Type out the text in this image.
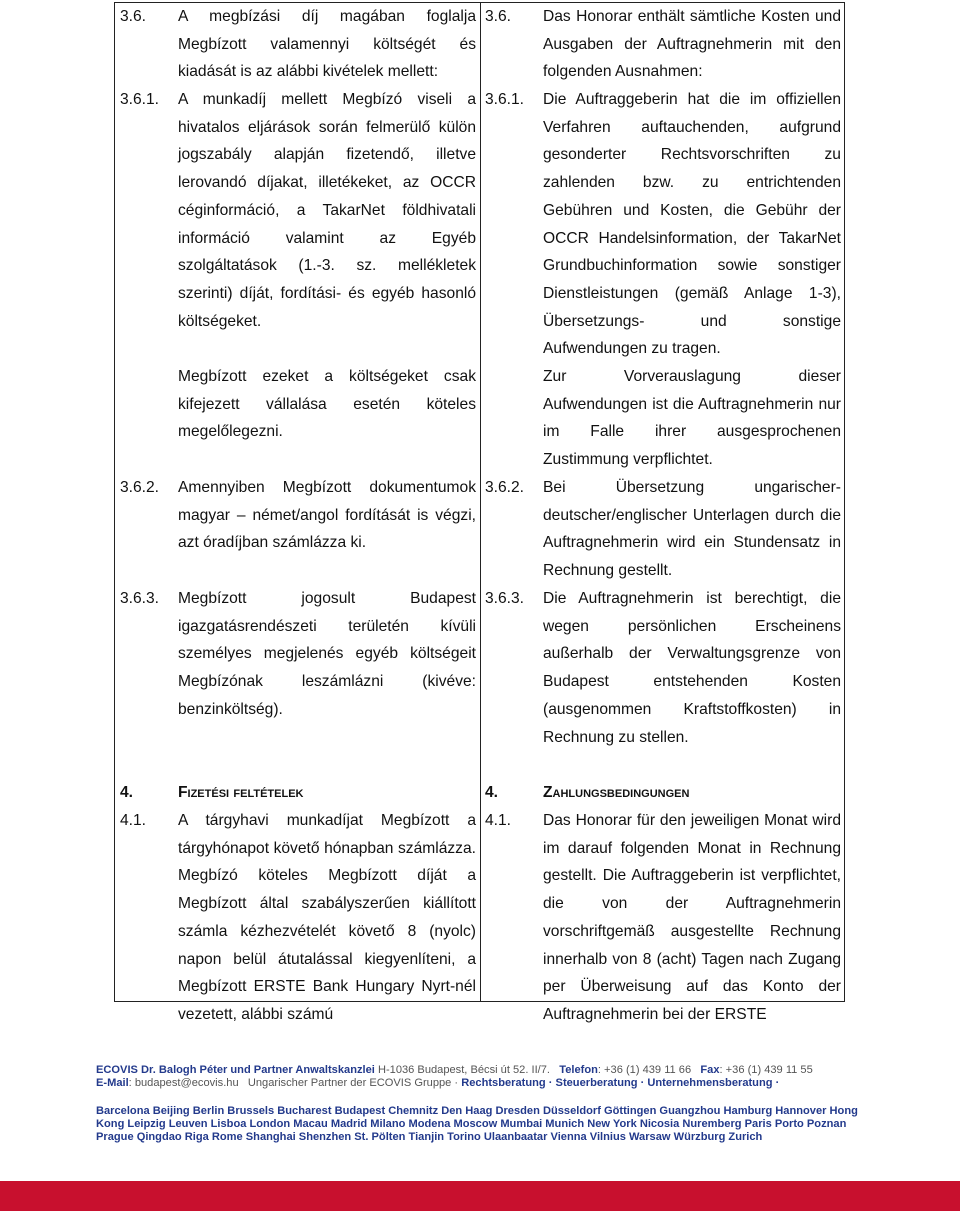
3.6. A megbízási díj magában foglalja Megbízott valamennyi költségét és kiadását is az alábbi kivételek mellett:
3.6.1. A munkadíj mellett Megbízó viseli a hivatalos eljárások során felmerülő külön jogszabály alapján fizetendő, illetve lerovandó díjakat, illetékeket, az OCCR céginformáció, a TakarNet földhivatali információ valamint az Egyéb szolgáltatások (1.-3. sz. mellékletek szerinti) díját, fordítási- és egyéb hasonló költségeket.
Megbízott ezeket a költségeket csak kifejezett vállalása esetén köteles megelőlegezni.
3.6.2. Amennyiben Megbízott dokumentumok magyar – német/angol fordítását is végzi, azt óradíjban számlázza ki.
3.6.3. Megbízott jogosult Budapest igazgatásrendészeti területén kívüli személyes megjelenés egyéb költségeit Megbízónak leszámlázni (kivéve: benzinköltség).
4.	Fizetési feltételek
4.1. A tárgyhavi munkadíjat Megbízott a tárgyhónapot követő hónapban számlázza. Megbízó köteles Megbízott díját a Megbízott által szabályszerűen kiállított számla kézhezvételét követő 8 (nyolc) napon belül átutalással kiegyenlíteni, a Megbízott ERSTE Bank Hungary Nyrt-nél vezetett, alábbi számú
3.6. Das Honorar enthält sämtliche Kosten und Ausgaben der Auftragnehmerin mit den folgenden Ausnahmen:
3.6.1. Die Auftraggeberin hat die im offiziellen Verfahren auftauchenden, aufgrund gesonderter Rechtsvorschriften zu zahlenden bzw. zu entrichtenden Gebühren und Kosten, die Gebühr der OCCR Handelsinformation, der TakarNet Grundbuchinformation sowie sonstiger Dienstleistungen (gemäß Anlage 1-3), Übersetzungs- und sonstige Aufwendungen zu tragen.
Zur Vorverauslagung dieser Aufwendungen ist die Auftragnehmerin nur im Falle ihrer ausgesprochenen Zustimmung verpflichtet.
3.6.2. Bei Übersetzung ungarischer-deutscher/englischer Unterlagen durch die Auftragnehmerin wird ein Stundensatz in Rechnung gestellt.
3.6.3. Die Auftragnehmerin ist berechtigt, die wegen persönlichen Erscheinens außerhalb der Verwaltungsgrenze von Budapest entstehenden Kosten (ausgenommen Kraftstoffkosten) in Rechnung zu stellen.
4.	Zahlungsbedingungen
4.1. Das Honorar für den jeweiligen Monat wird im darauf folgenden Monat in Rechnung gestellt. Die Auftraggeberin ist verpflichtet, die von der Auftragnehmerin vorschriftgemäß ausgestellte Rechnung innerhalb von 8 (acht) Tagen nach Zugang per Überweisung auf das Konto der Auftragnehmerin bei der ERSTE
ECOVIS Dr. Balogh Péter und Partner Anwaltskanzlei H-1036 Budapest, Bécsi út 52. II/7. Telefon: +36 (1) 439 11 66 Fax: +36 (1) 439 11 55
E-Mail: budapest@ecovis.hu Ungarischer Partner der ECOVIS Gruppe · Rechtsberatung · Steuerberatung · Unternehmensberatung ·
Barcelona Beijing Berlin Brussels Bucharest Budapest Chemnitz Den Haag Dresden Düsseldorf Göttingen Guangzhou Hamburg Hannover Hong Kong Leipzig Leuven Lisboa London Macau Madrid Milano Modena Moscow Mumbai Munich New York Nicosia Nuremberg Paris Porto Poznan Prague Qingdao Riga Rome Shanghai Shenzhen St. Pölten Tianjin Torino Ulaanbaatar Vienna Vilnius Warsaw Würzburg Zurich
